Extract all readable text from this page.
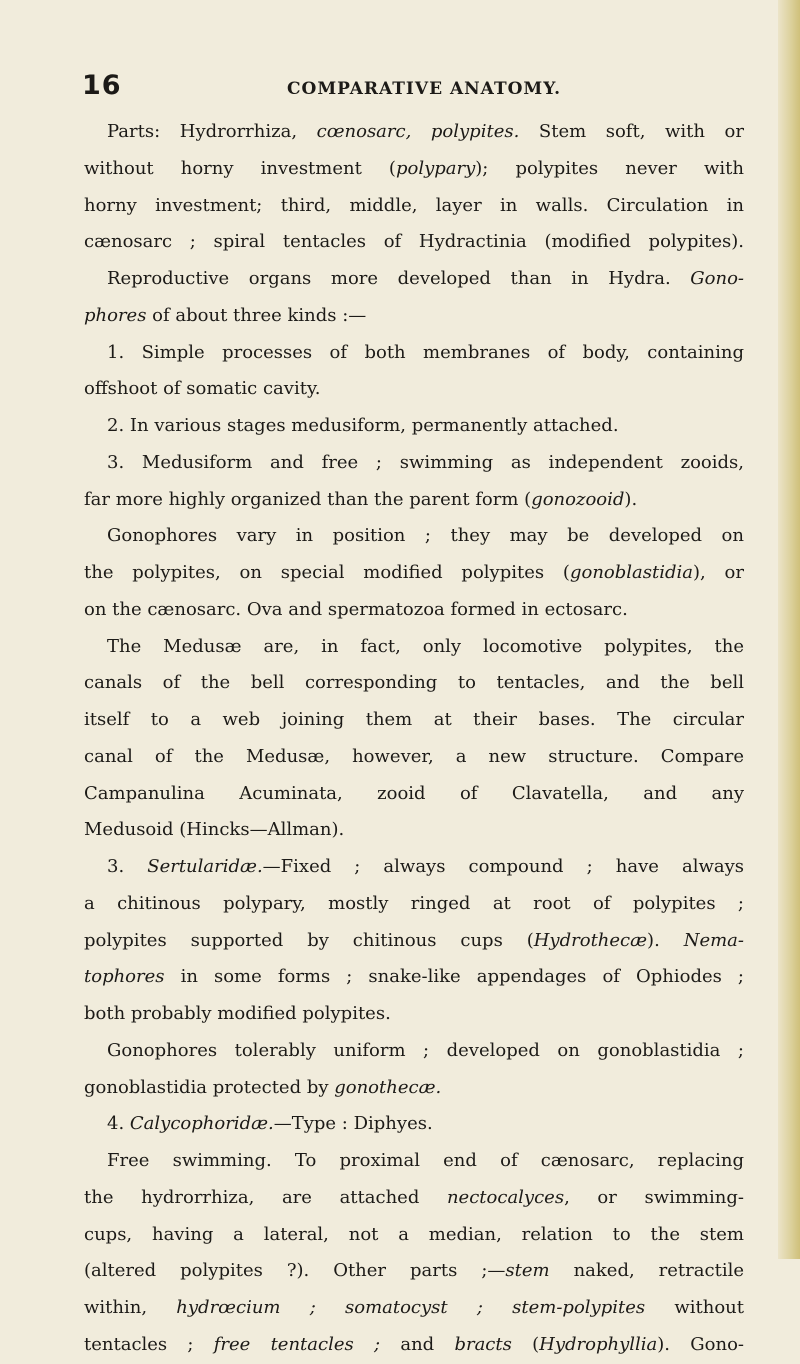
16	COMPARATIVE ANATOMY.
Parts: Hydrorrhiza, cœnosarc, polypites. Stem soft, with or
without horny investment (polypary); polypites never with
horny investment; third, middle, layer in walls. Circulation in
cænosarc ; spiral tentacles of Hydractinia (modified polypites).
Reproductive organs more developed than in Hydra. Gono-
phores of about three kinds :—
1. Simple processes of both membranes of body, containing
offshoot of somatic cavity.
2. In various stages medusiform, permanently attached.
3. Medusiform and free ; swimming as independent zooids,
far more highly organized than the parent form (gonozooid).
Gonophores vary in position ; they may be developed on
the polypites, on special modified polypites (gonoblastidia), or
on the cænosarc. Ova and spermatozoa formed in ectosarc.
The Medusæ are, in fact, only locomotive polypites, the
canals of the bell corresponding to tentacles, and the bell
itself to a web joining them at their bases. The circular
canal of the Medusæ, however, a new structure. Compare
Campanulina Acuminata, zooid of Clavatella, and any
Medusoid (Hincks—Allman).
3. Sertularidæ.—Fixed ; always compound ; have always
a chitinous polypary, mostly ringed at root of polypites ;
polypites supported by chitinous cups (Hydrothecæ). Nema-
tophores in some forms ; snake-like appendages of Ophiodes ;
both probably modified polypites.
Gonophores tolerably uniform ; developed on gonoblastidia ;
gonoblastidia protected by gonothecæ.
4. Calycophoridæ.—Type : Diphyes.
Free swimming. To proximal end of cænosarc, replacing
the hydrorrhiza, are attached nectocalyces, or swimming-
cups, having a lateral, not a median, relation to the stem
(altered polypites ?). Other parts ;—stem naked, retractile
within, hydrœcium ; somatocyst ; stem-polypites without
tentacles ; free tentacles ; and bracts (Hydrophyllia). Gono-
